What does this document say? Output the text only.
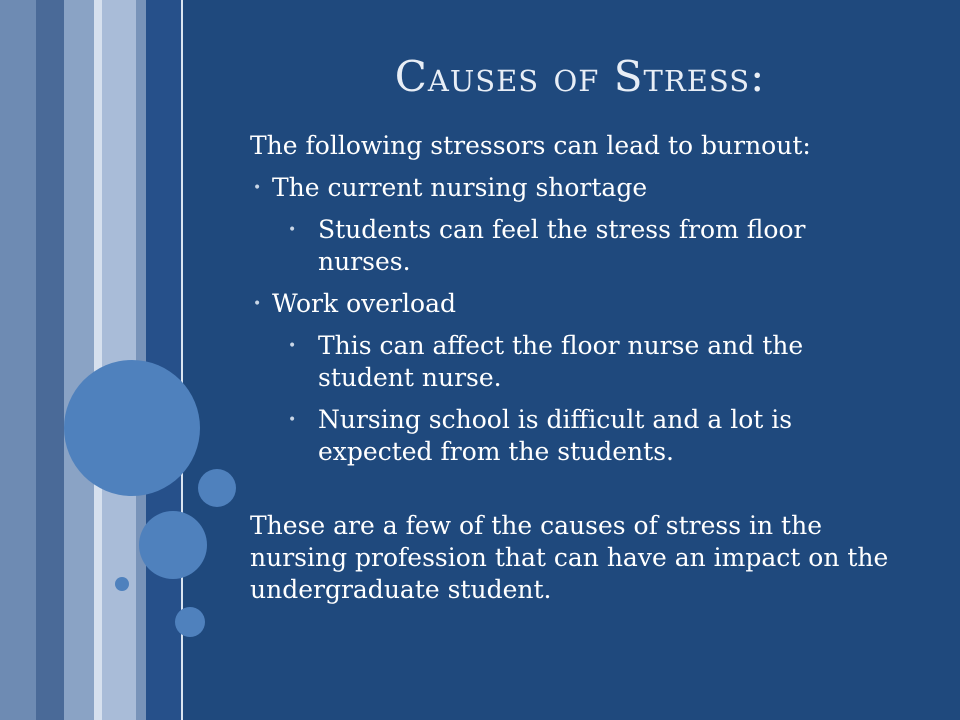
Causes of Stress:

The following stressors can lead to burnout:

• The current nursing shortage
• Students can feel the stress from floor nurses.
• Work overload
• This can affect the floor nurse and the student nurse.
• Nursing school is difficult and a lot is expected from the students.

These are a few of the causes of stress in the nursing profession that can have an impact on the undergraduate student.
